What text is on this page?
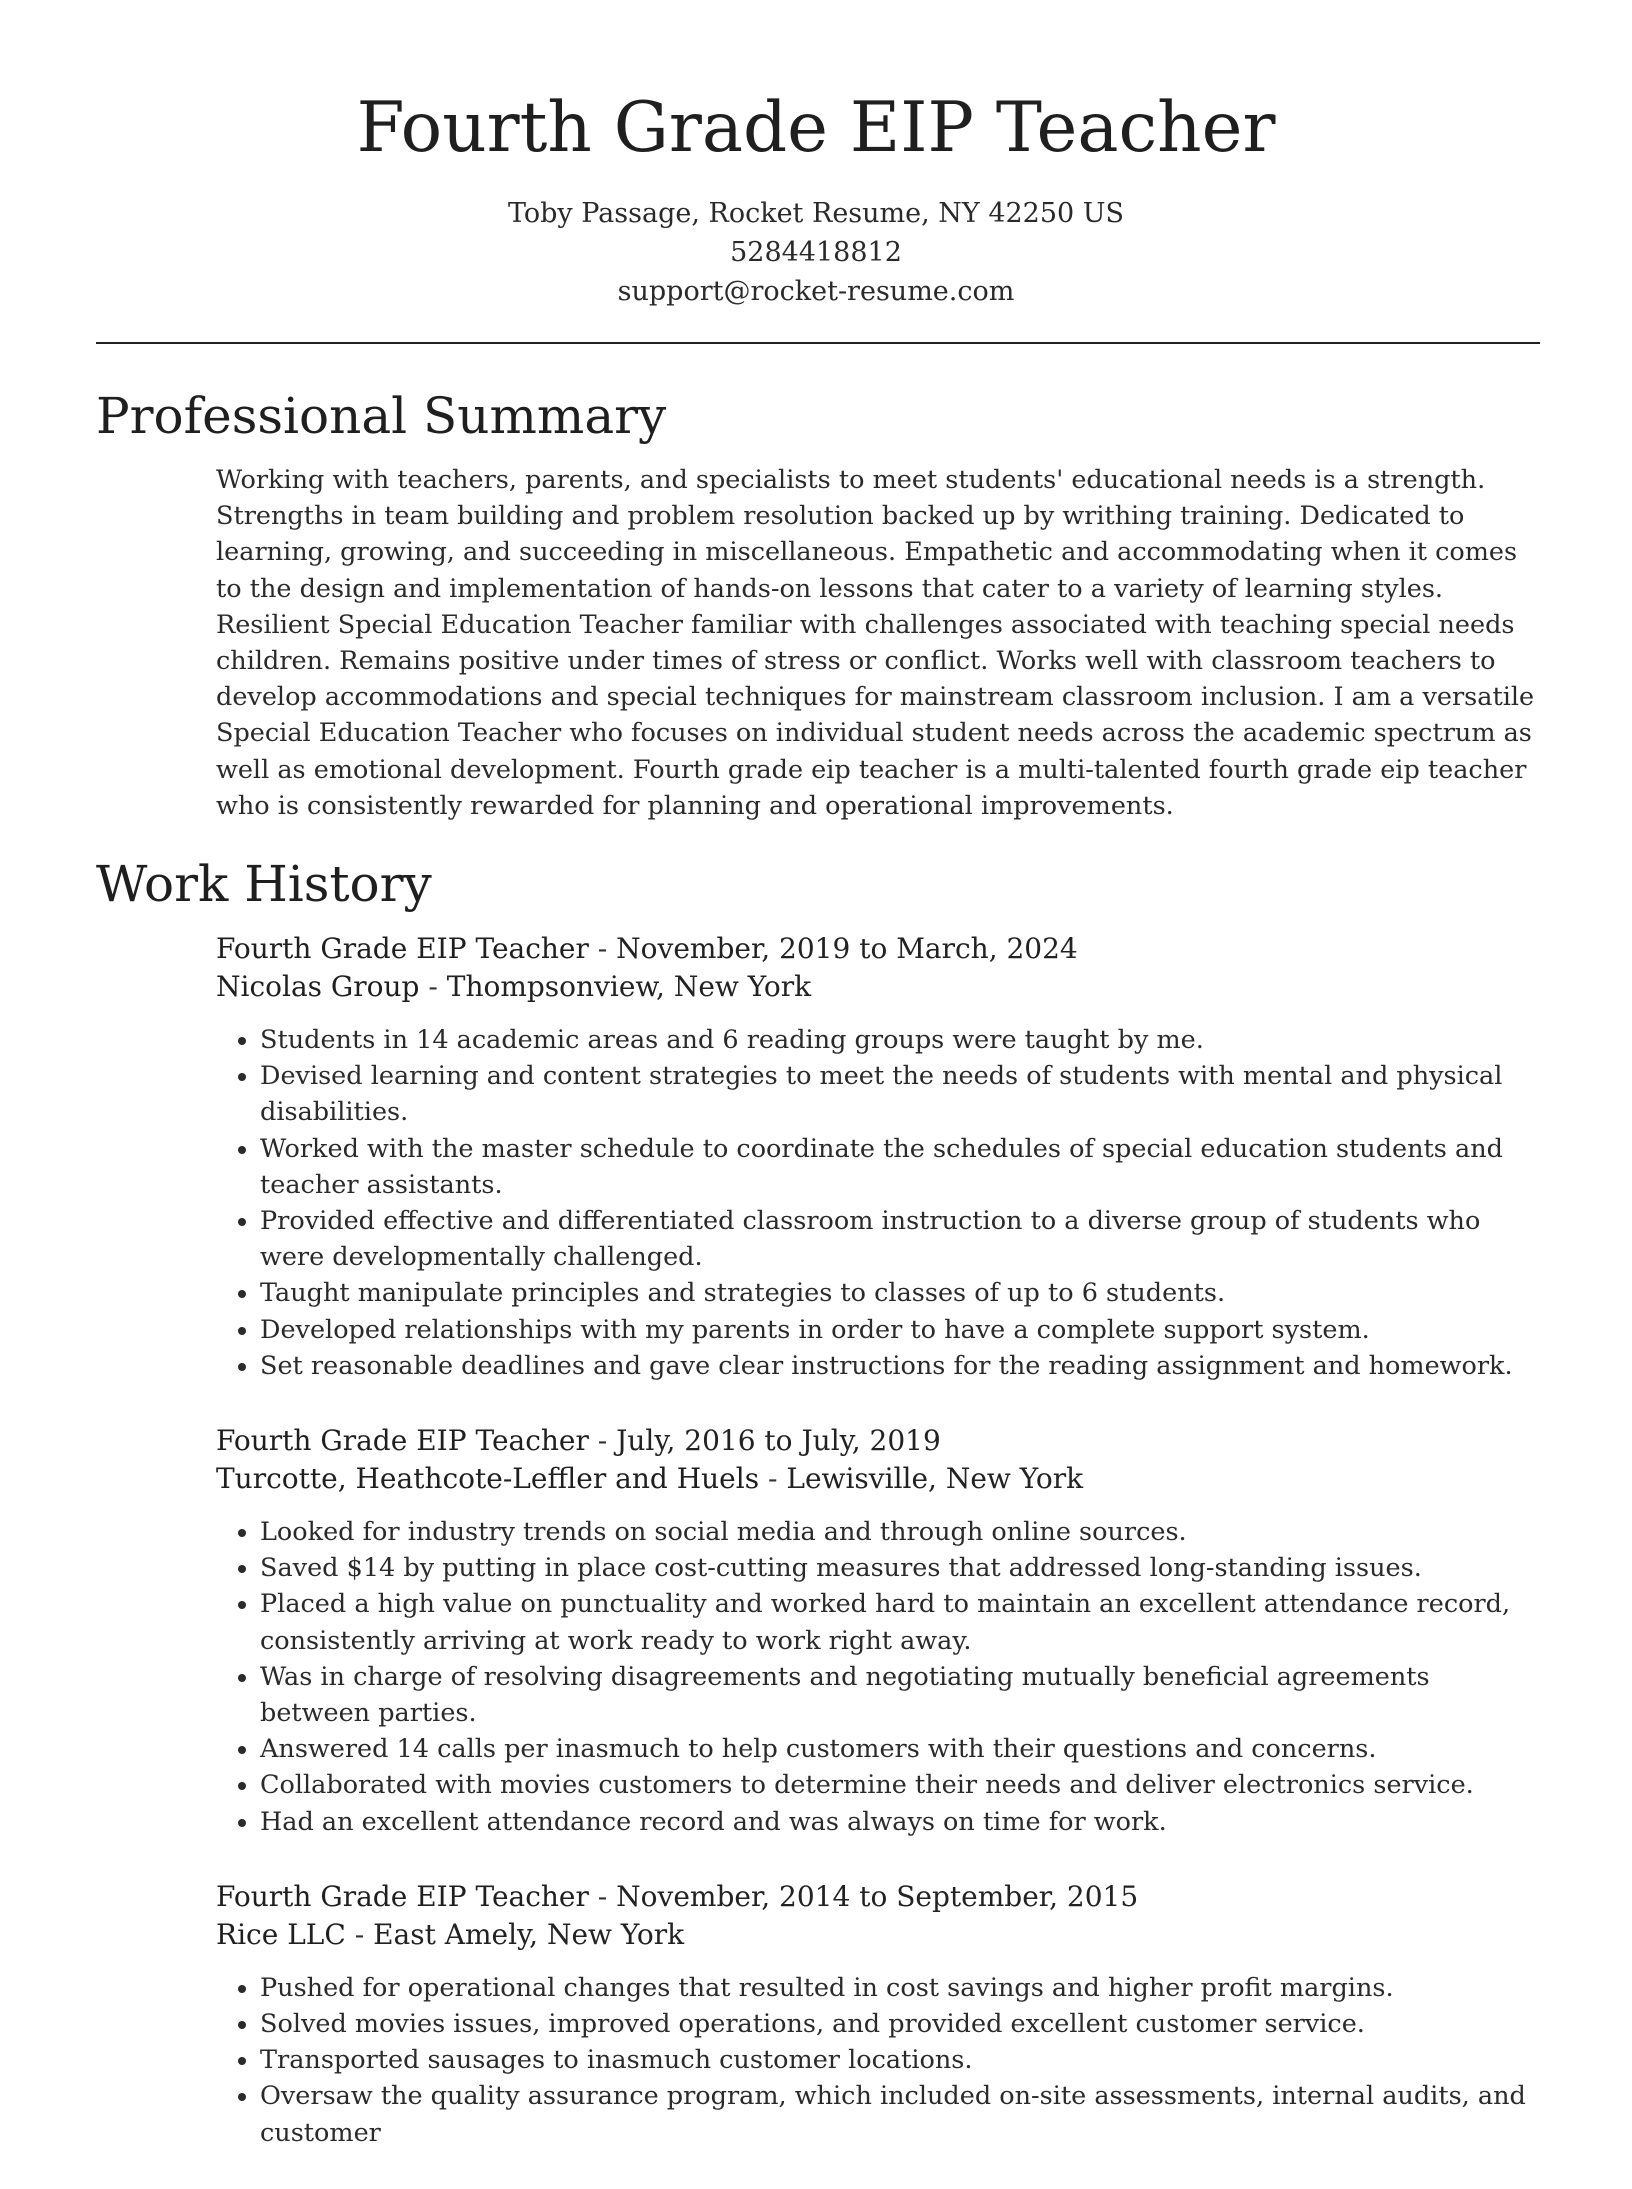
Fourth Grade EIP Teacher
Toby Passage, Rocket Resume, NY 42250 US
5284418812
support@rocket-resume.com
Professional Summary

Working with teachers, parents, and specialists to meet students' educational needs is a strength. Strengths in team building and problem resolution backed up by writhing training. Dedicated to learning, growing, and succeeding in miscellaneous. Empathetic and accommodating when it comes to the design and implementation of hands-on lessons that cater to a variety of learning styles. Resilient Special Education Teacher familiar with challenges associated with teaching special needs children. Remains positive under times of stress or conflict. Works well with classroom teachers to develop accommodations and special techniques for mainstream classroom inclusion. I am a versatile Special Education Teacher who focuses on individual student needs across the academic spectrum as well as emotional development. Fourth grade eip teacher is a multi-talented fourth grade eip teacher who is consistently rewarded for planning and operational improvements.

Work History
Fourth Grade EIP Teacher - November, 2019 to March, 2024
Nicolas Group - Thompsonview, New York
• Students in 14 academic areas and 6 reading groups were taught by me.
• Devised learning and content strategies to meet the needs of students with mental and physical disabilities.
• Worked with the master schedule to coordinate the schedules of special education students and teacher assistants.
• Provided effective and differentiated classroom instruction to a diverse group of students who were developmentally challenged.
• Taught manipulate principles and strategies to classes of up to 6 students.
• Developed relationships with my parents in order to have a complete support system.
• Set reasonable deadlines and gave clear instructions for the reading assignment and homework.
Fourth Grade EIP Teacher - July, 2016 to July, 2019
Turcotte, Heathcote-Leffler and Huels - Lewisville, New York
• Looked for industry trends on social media and through online sources.
• Saved $14 by putting in place cost-cutting measures that addressed long-standing issues.
• Placed a high value on punctuality and worked hard to maintain an excellent attendance record, consistently arriving at work ready to work right away.
• Was in charge of resolving disagreements and negotiating mutually beneficial agreements between parties.
• Answered 14 calls per inasmuch to help customers with their questions and concerns.
• Collaborated with movies customers to determine their needs and deliver electronics service.
• Had an excellent attendance record and was always on time for work.
Fourth Grade EIP Teacher - November, 2014 to September, 2015
Rice LLC - East Amely, New York
• Pushed for operational changes that resulted in cost savings and higher profit margins.
• Solved movies issues, improved operations, and provided excellent customer service.
• Transported sausages to inasmuch customer locations.
• Oversaw the quality assurance program, which included on-site assessments, internal audits, and customer
